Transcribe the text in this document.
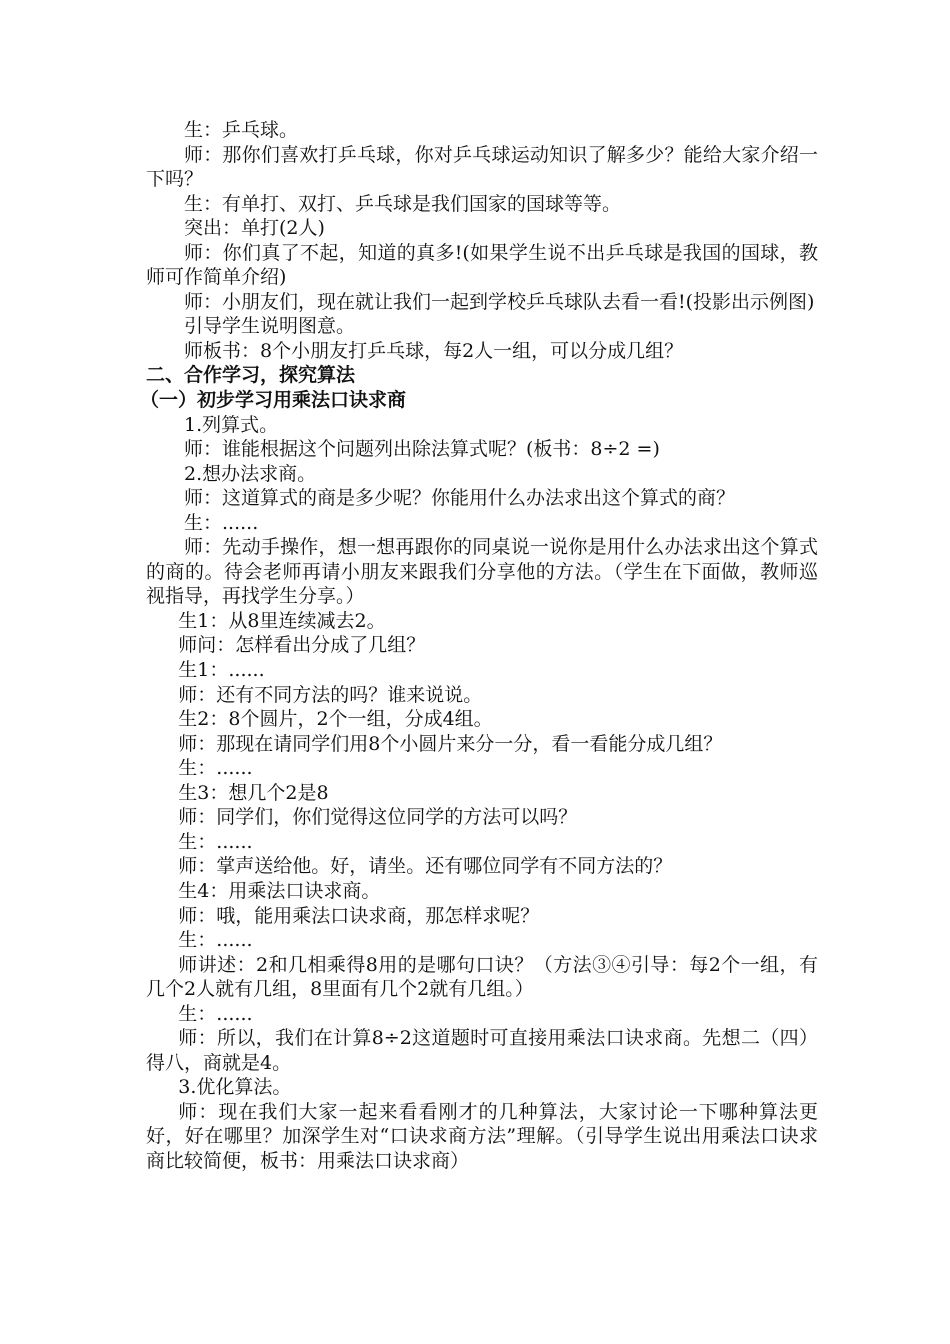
生：乒乓球。

师：那你们喜欢打乒乓球，你对乒乓球运动知识了解多少？能给大家介绍一下吗？

生：有单打、双打、乒乓球是我们国家的国球等等。

突出：单打(2人)

师：你们真了不起，知道的真多!(如果学生说不出乒乓球是我国的国球，教师可作简单介绍)

师：小朋友们，现在就让我们一起到学校乒乓球队去看一看!(投影出示例图)

引导学生说明图意。

师板书：8个小朋友打乒乓球，每2人一组，可以分成几组？

二、合作学习，探究算法

（一）初步学习用乘法口诀求商

1.列算式。

师：谁能根据这个问题列出除法算式呢？(板书：8÷2 =)

2.想办法求商。

师：这道算式的商是多少呢？你能用什么办法求出这个算式的商？

生：......

师：先动手操作，想一想再跟你的同桌说一说你是用什么办法求出这个算式的商的。待会老师再请小朋友来跟我们分享他的方法。（学生在下面做，教师巡视指导，再找学生分享。）

生1：从8里连续减去2。

师问：怎样看出分成了几组？

生1：......

师：还有不同方法的吗？谁来说说。

生2：8个圆片，2个一组，分成4组。

师：那现在请同学们用8个小圆片来分一分，看一看能分成几组？

生：......

生3：想几个2是8

师：同学们，你们觉得这位同学的方法可以吗？

生：......

师：掌声送给他。好，请坐。还有哪位同学有不同方法的？

生4：用乘法口诀求商。

师：哦，能用乘法口诀求商，那怎样求呢？

生：......

师讲述：2和几相乘得8用的是哪句口诀？（方法③④引导：每2个一组，有几个2人就有几组，8里面有几个2就有几组。）

生：......

师：所以，我们在计算8÷2这道题时可直接用乘法口诀求商。先想二（四）得八，商就是4。

3.优化算法。

师：现在我们大家一起来看看刚才的几种算法，大家讨论一下哪种算法更好，好在哪里？加深学生对“口诀求商方法”理解。（引导学生说出用乘法口诀求商比较简便，板书：用乘法口诀求商）
